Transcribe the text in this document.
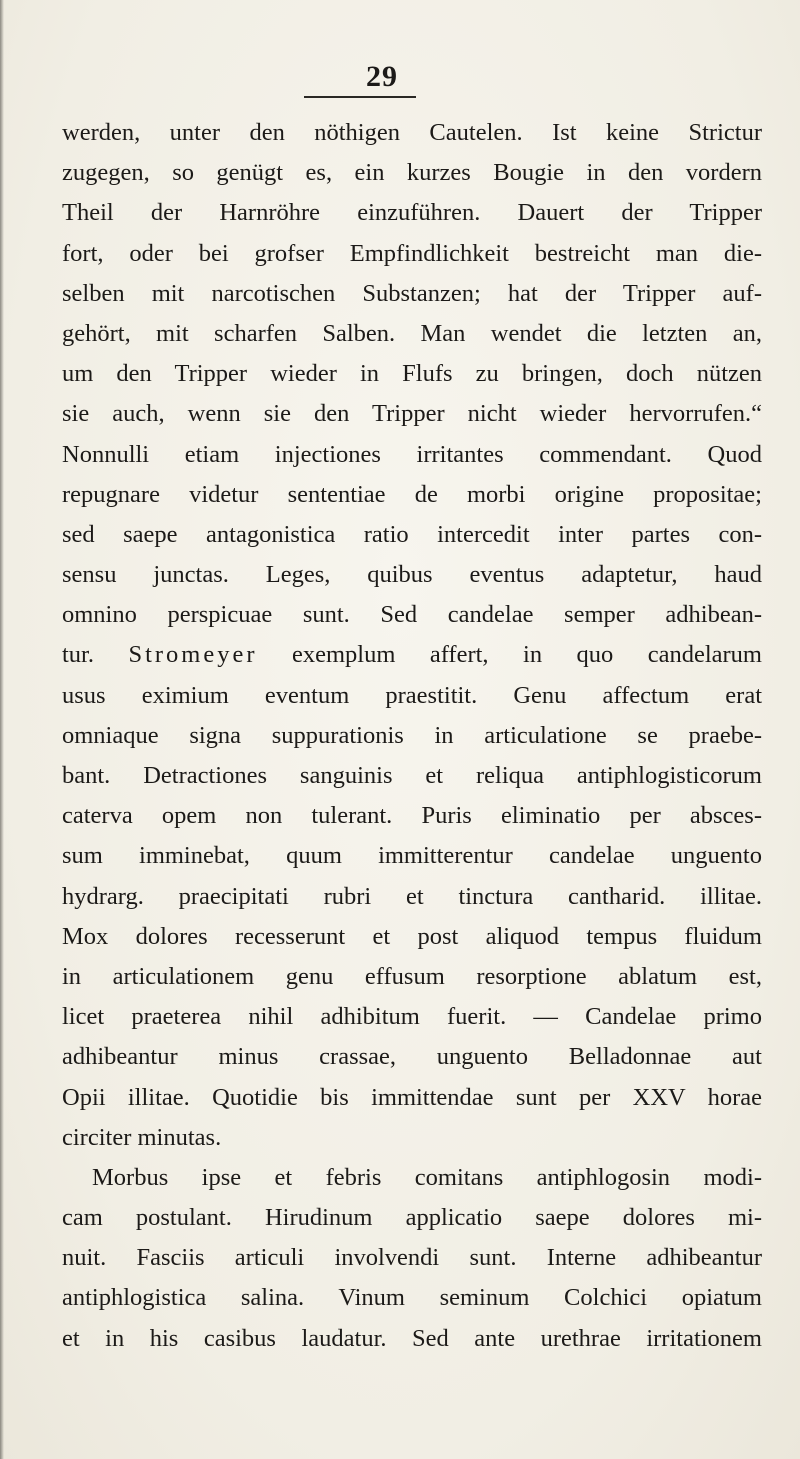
29
werden, unter den nöthigen Cautelen. Ist keine Strictur
zugegen, so genügt es, ein kurzes Bougie in den vordern
Theil der Harnröhre einzuführen. Dauert der Tripper
fort, oder bei grofser Empfindlichkeit bestreicht man die-
selben mit narcotischen Substanzen; hat der Tripper auf-
gehört, mit scharfen Salben. Man wendet die letzten an,
um den Tripper wieder in Flufs zu bringen, doch nützen
sie auch, wenn sie den Tripper nicht wieder hervorrufen.“
Nonnulli etiam injectiones irritantes commendant. Quod
repugnare videtur sententiae de morbi origine propositae;
sed saepe antagonistica ratio intercedit inter partes con-
sensu junctas. Leges, quibus eventus adaptetur, haud
omnino perspicuae sunt. Sed candelae semper adhibean-
tur. Stromeyer exemplum affert, in quo candelarum
usus eximium eventum praestitit. Genu affectum erat
omniaque signa suppurationis in articulatione se praebe-
bant. Detractiones sanguinis et reliqua antiphlogisticorum
caterva opem non tulerant. Puris eliminatio per absces-
sum imminebat, quum immitterentur candelae unguento
hydrarg. praecipitati rubri et tinctura cantharid. illitae.
Mox dolores recesserunt et post aliquod tempus fluidum
in articulationem genu effusum resorptione ablatum est,
licet praeterea nihil adhibitum fuerit. — Candelae primo
adhibeantur minus crassae, unguento Belladonnae aut
Opii illitae. Quotidie bis immittendae sunt per XXV horae
circiter minutas.
Morbus ipse et febris comitans antiphlogosin modi-
cam postulant. Hirudinum applicatio saepe dolores mi-
nuit. Fasciis articuli involvendi sunt. Interne adhibeantur
antiphlogistica salina. Vinum seminum Colchici opiatum
et in his casibus laudatur. Sed ante urethrae irritationem
